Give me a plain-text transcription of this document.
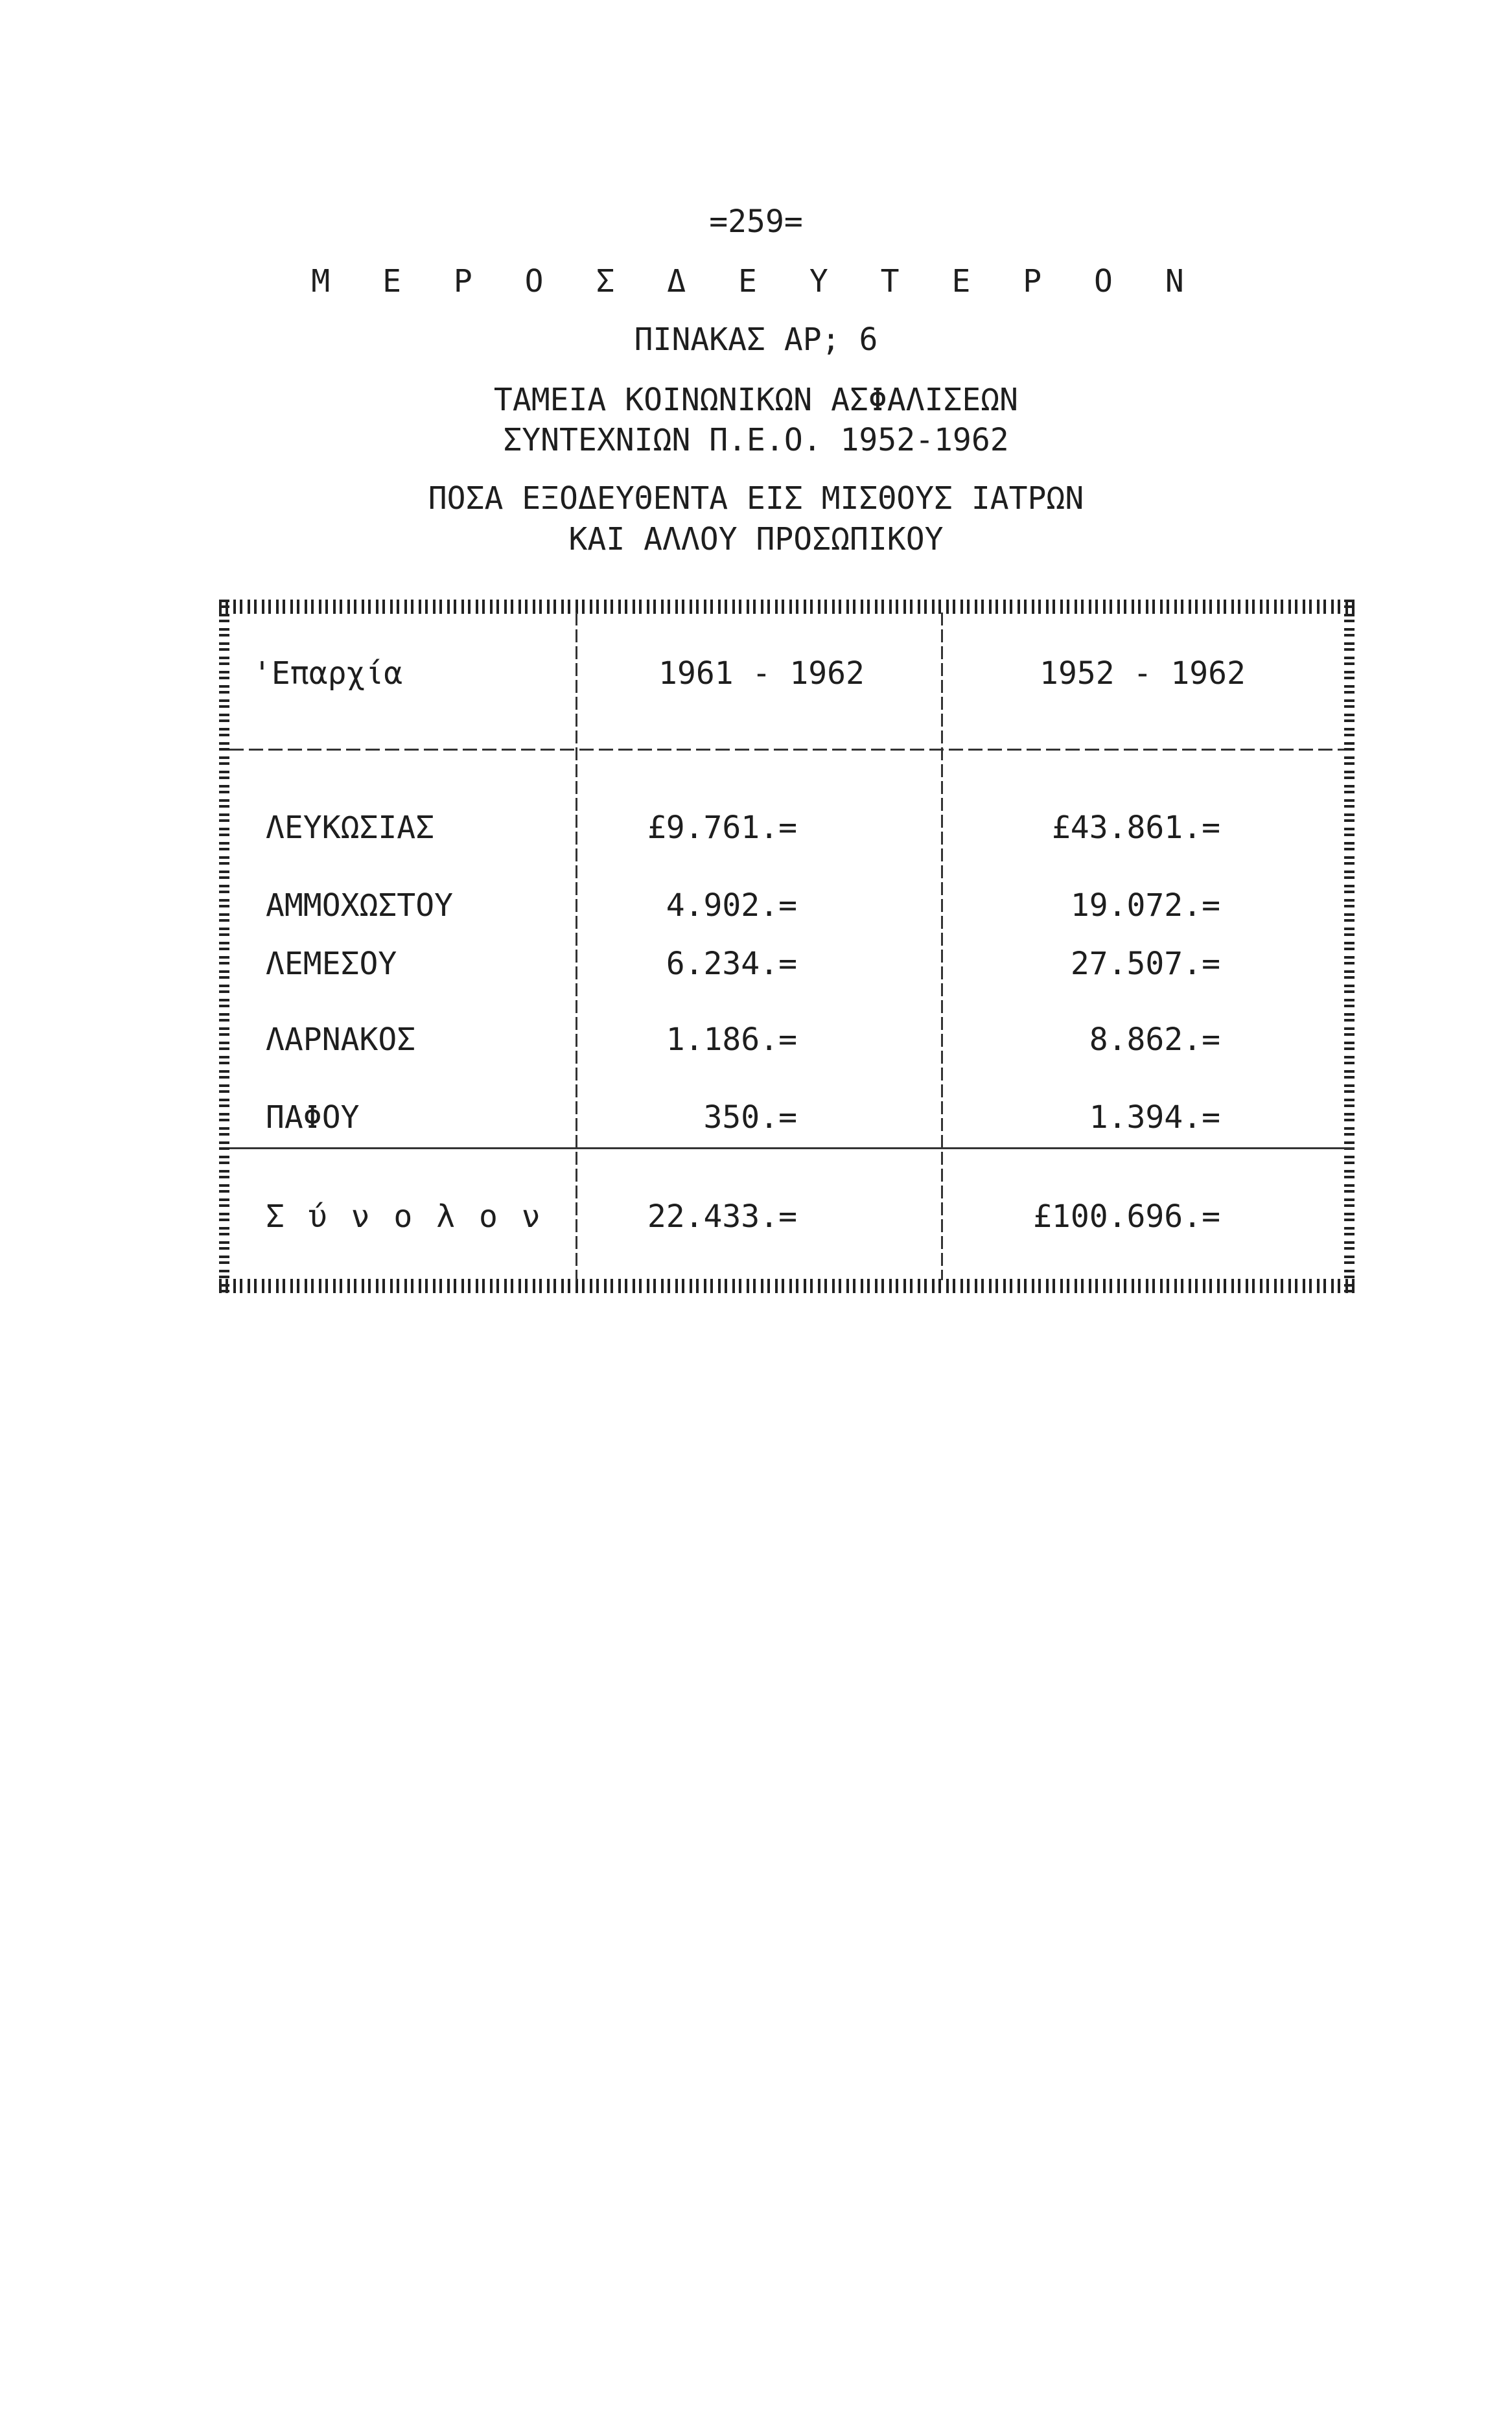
=259=
Μ Ε Ρ Ο Σ Δ Ε Υ Τ Ε Ρ Ο Ν
ΠΙΝΑΚΑΣ ΑΡ; 6
ΤΑΜΕΙΑ ΚΟΙΝΩΝΙΚΩΝ ΑΣΦΑΛΙΣΕΩΝ
ΣΥΝΤΕΧΝΙΩΝ Π.Ε.Ο. 1952-1962
ΠΟΣΑ ΕΞΟΔΕΥΘΕΝΤΑ ΕΙΣ ΜΙΣΘΟΥΣ ΙΑΤΡΩΝ
ΚΑΙ ΑΛΛΟΥ ΠΡΟΣΩΠΙΚΟΥ
'Επαρχία	1961 - 1962	1952 - 1962
ΛΕΥΚΩΣΙΑΣ	£9.761.=	£43.861.=
ΑΜΜΟΧΩΣΤΟΥ	4.902.=	19.072.=
ΛΕΜΕΣΟΥ	6.234.=	27.507.=
ΛΑΡΝΑΚΟΣ	1.186.=	8.862.=
ΠΑΦΟΥ	350.=	1.394.=
Σ ύ ν ο λ ο ν	22.433.=	£100.696.=
